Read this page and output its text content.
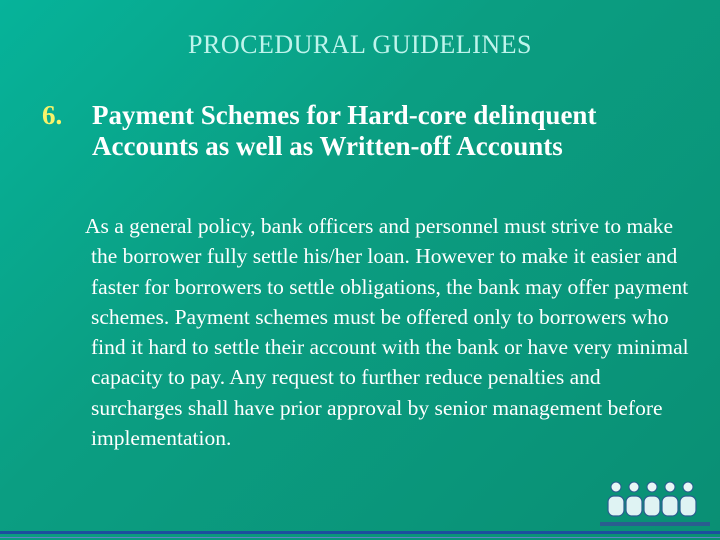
PROCEDURAL GUIDELINES
6.	Payment Schemes for Hard-core delinquent Accounts as well as Written-off Accounts
As a general policy, bank officers and personnel must strive to make the borrower fully settle his/her loan. However to make it easier and faster for borrowers to settle obligations, the bank may offer payment schemes. Payment schemes must be offered only to borrowers who find it hard to settle their account with the bank or have very minimal capacity to pay. Any request to further reduce penalties and surcharges shall have prior approval by senior management before implementation.
